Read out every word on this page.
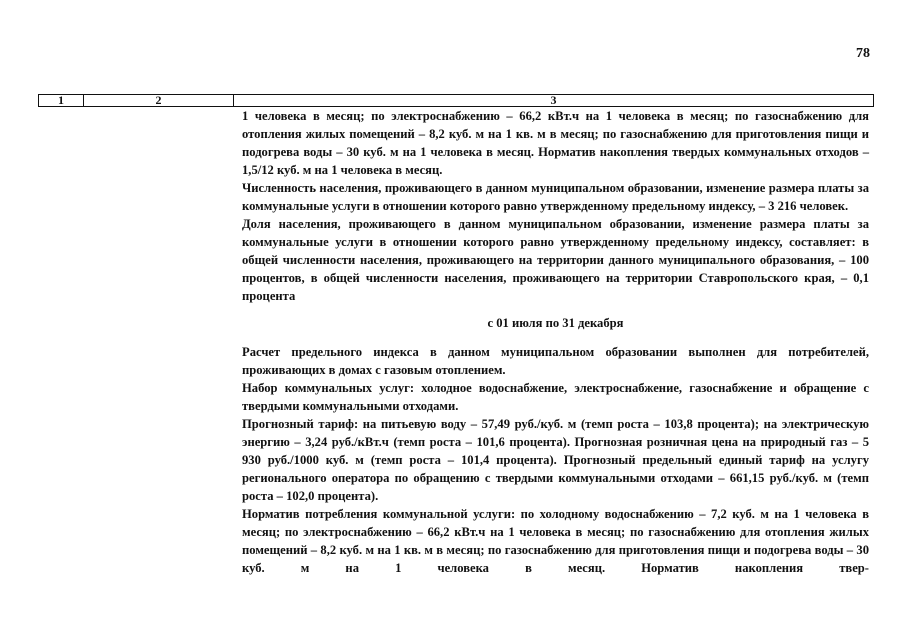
78
1	2	3

1 человека в месяц; по электроснабжению – 66,2 кВт.ч на 1 человека в месяц; по газоснабжению для отопления жилых помещений – 8,2 куб. м на 1 кв. м в месяц; по газоснабжению для приготовления пищи и подогрева воды – 30 куб. м на 1 человека в месяц. Норматив накопления твердых коммунальных отходов – 1,5/12 куб. м на 1 человека в месяц.

Численность населения, проживающего в данном муниципальном образовании, изменение размера платы за коммунальные услуги в отношении которого равно утвержденному предельному индексу, – 3 216 человек.

Доля населения, проживающего в данном муниципальном образовании, изменение размера платы за коммунальные услуги в отношении которого равно утвержденному предельному индексу, составляет: в общей численности населения, проживающего на территории данного муниципального образования, – 100 процентов, в общей численности населения, проживающего на территории Ставропольского края, – 0,1 процента

с 01 июля по 31 декабря

Расчет предельного индекса в данном муниципальном образовании выполнен для потребителей, проживающих в домах с газовым отоплением.

Набор коммунальных услуг: холодное водоснабжение, электроснабжение, газоснабжение и обращение с твердыми коммунальными отходами.

Прогнозный тариф: на питьевую воду – 57,49 руб./куб. м (темп роста – 103,8 процента); на электрическую энергию – 3,24 руб./кВт.ч (темп роста – 101,6 процента). Прогнозная розничная цена на природный газ – 5 930 руб./1000 куб. м (темп роста – 101,4 процента). Прогнозный предельный единый тариф на услугу регионального оператора по обращению с твердыми коммунальными отходами – 661,15 руб./куб. м (темп роста – 102,0 процента).

Норматив потребления коммунальной услуги: по холодному водоснабжению – 7,2 куб. м на 1 человека в месяц; по электроснабжению – 66,2 кВт.ч на 1 человека в месяц; по газоснабжению для отопления жилых помещений – 8,2 куб. м на 1 кв. м в месяц; по газоснабжению для приготовления пищи и подогрева воды – 30 куб. м на 1 человека в месяц. Норматив накопления твер-
